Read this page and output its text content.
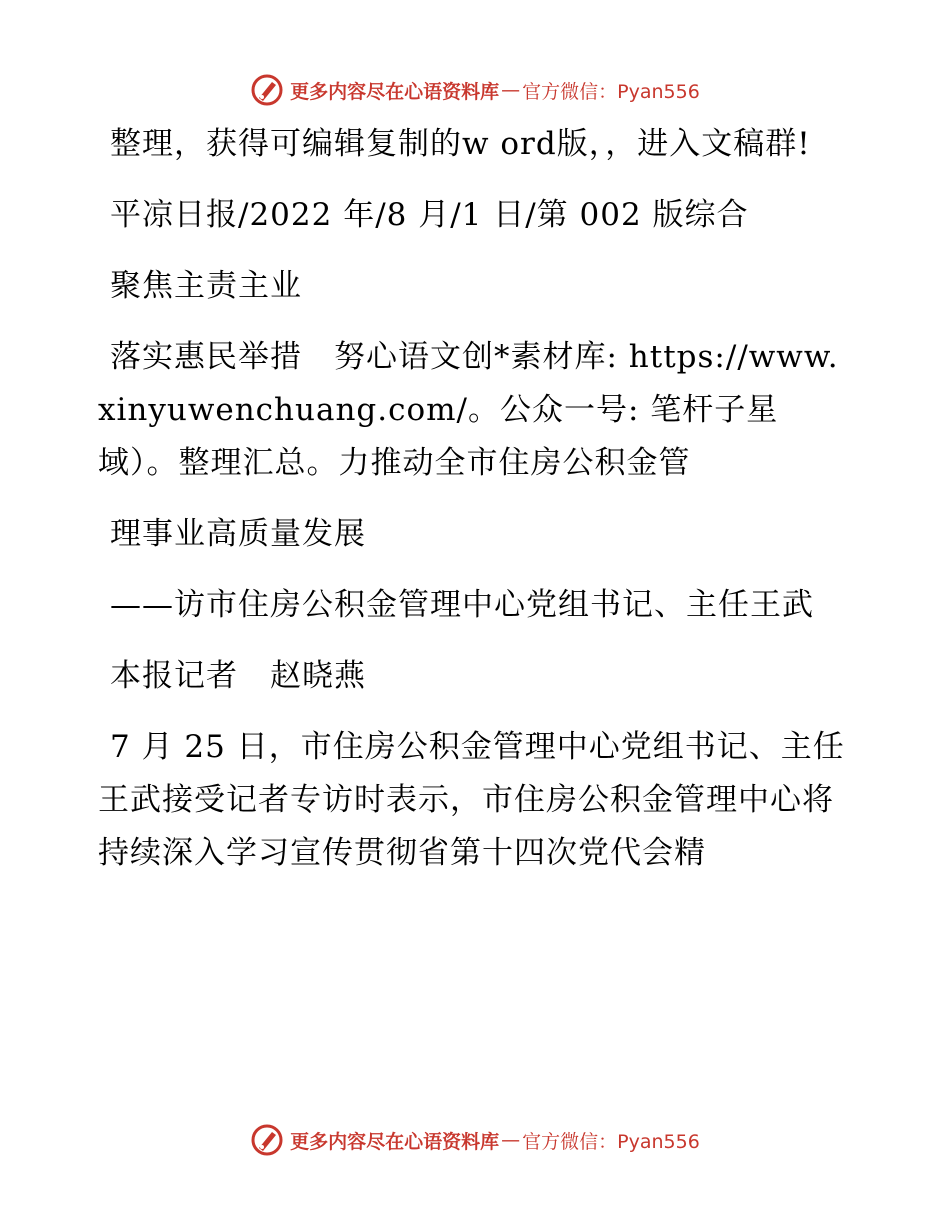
更多内容尽在心语资料库 — 官方微信：Pyan556

整理，获得可编辑复制的w ord版，，进入文稿群!

平凉日报/2022 年/8 月/1 日/第 002 版综合

聚焦主责主业

落实惠民举措　努心语文创*素材库: https://www.xinyuwenchuang.com/。公众一号: 笔杆子星域）。整理汇总。力推动全市住房公积金管

理事业高质量发展

——访市住房公积金管理中心党组书记、主任王武

本报记者　赵晓燕

7 月 25 日，市住房公积金管理中心党组书记、主任王武接受记者专访时表示，市住房公积金管理中心将持续深入学习宣传贯彻省第十四次党代会精

更多内容尽在心语资料库 — 官方微信：Pyan556
